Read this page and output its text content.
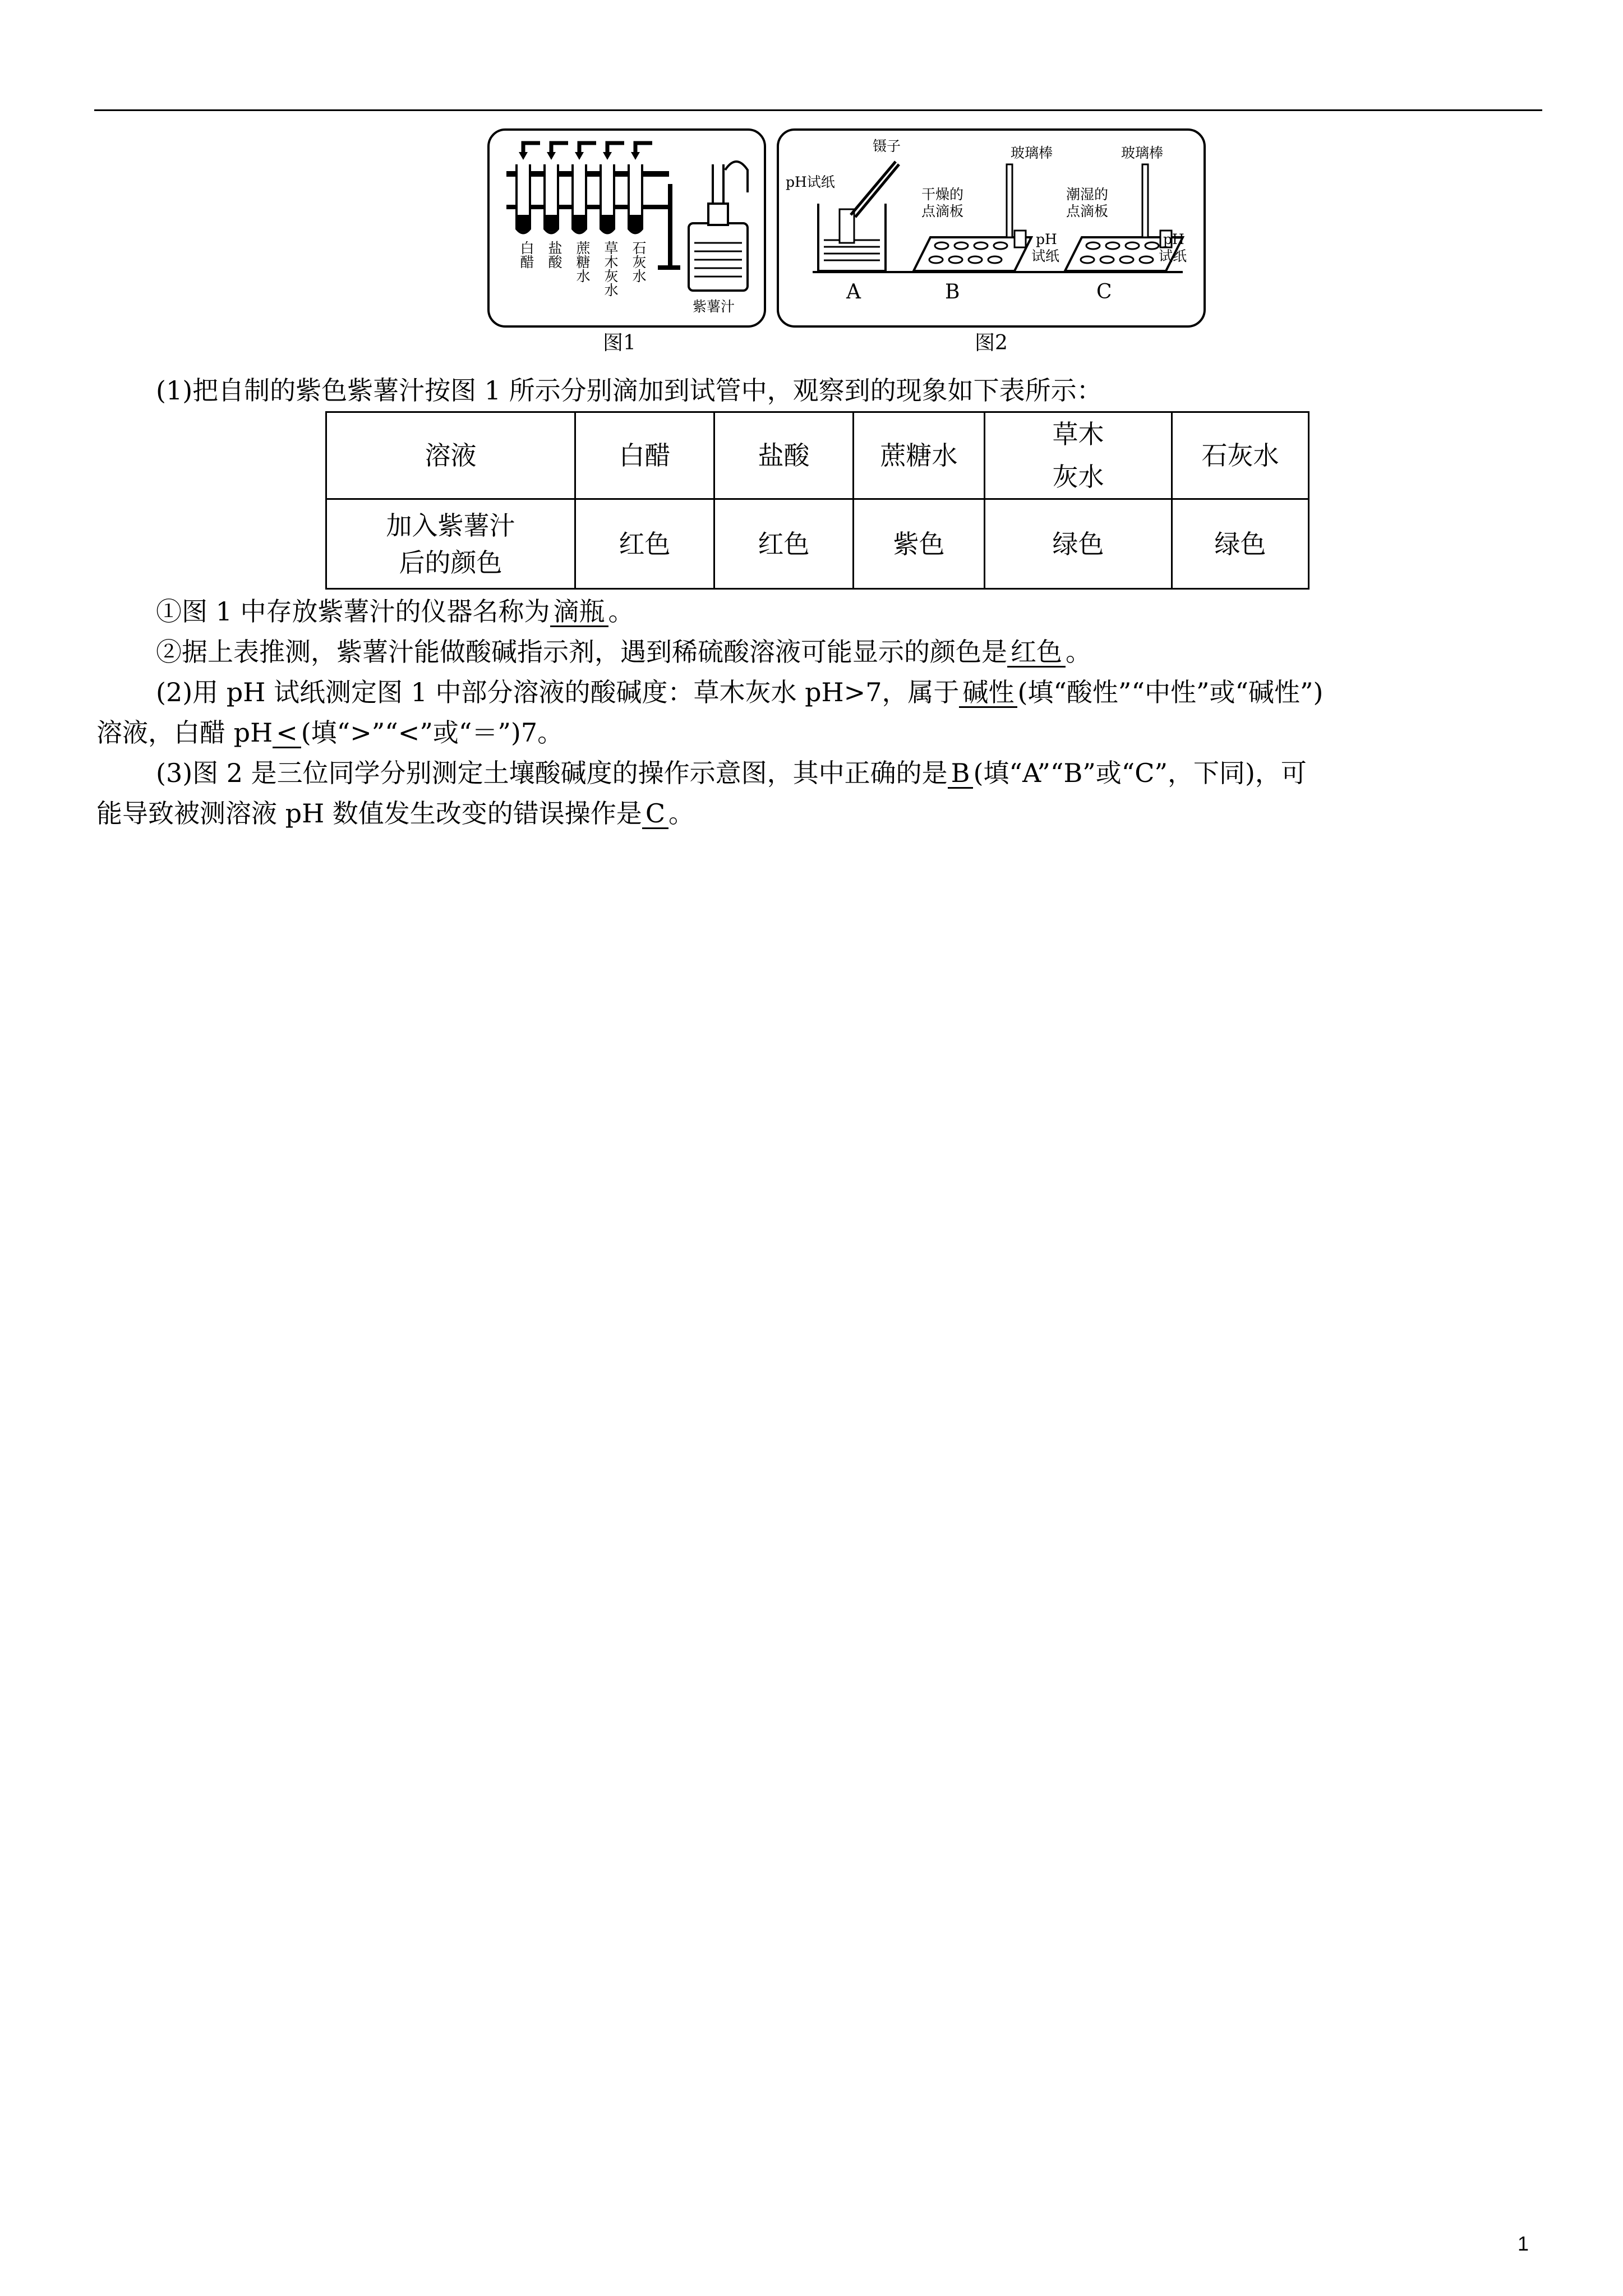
白醋 盐酸 蔗糖水 草木灰水 石灰水
紫薯汁
图1
镊子
pH试纸
玻璃棒
干燥的
点滴板
pH
试纸
玻璃棒
潮湿的
点滴板
pH
试纸
A	B	C
图2
(1)把自制的紫色紫薯汁按图 1 所示分别滴加到试管中，观察到的现象如下表所示：
溶液	白醋	盐酸	蔗糖水	草木灰水	石灰水

加入紫薯汁
后的颜色	红色	红色	紫色	绿色	绿色
①图 1 中存放紫薯汁的仪器名称为 滴瓶 。
②据上表推测，紫薯汁能做酸碱指示剂，遇到稀硫酸溶液可能显示的颜色是 红色 。
(2)用 pH 试纸测定图 1 中部分溶液的酸碱度：草木灰水 pH>7，属于 碱性 (填“酸性”“中性”或“碱性”)
溶液，白醋 pH < (填“>”“<”或“＝”)7。
(3)图 2 是三位同学分别测定土壤酸碱度的操作示意图，其中正确的是 B (填“A”“B”或“C”，下同)，可
能导致被测溶液 pH 数值发生改变的错误操作是 C 。
1
